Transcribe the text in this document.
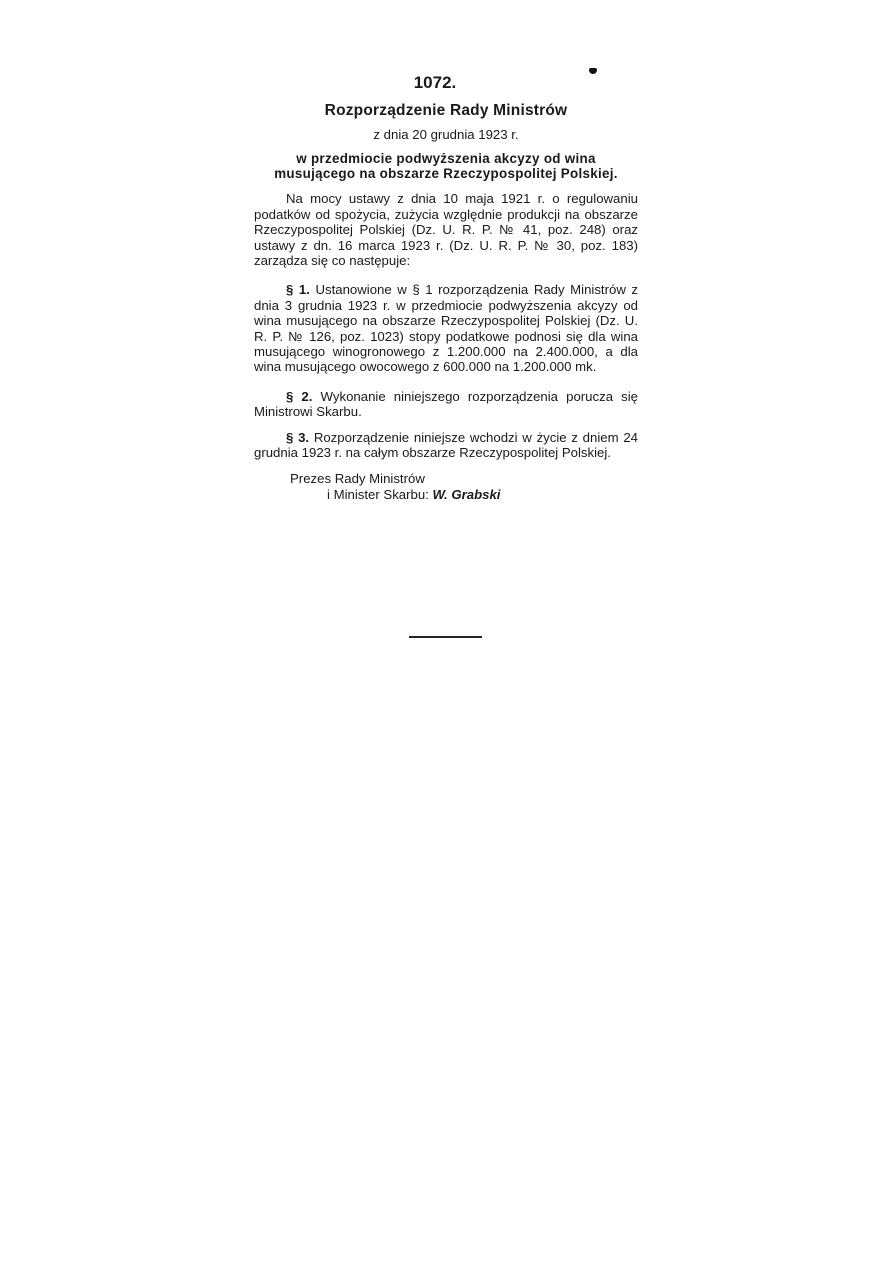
1072.
Rozporządzenie Rady Ministrów
z dnia 20 grudnia 1923 r.
w przedmiocie podwyższenia akcyzy od wina musującego na obszarze Rzeczypospolitej Polskiej.
Na mocy ustawy z dnia 10 maja 1921 r. o regulowaniu podatków od spożycia, zużycia względnie produkcji na obszarze Rzeczypospolitej Polskiej (Dz. U. R. P. № 41, poz. 248) oraz ustawy z dn. 16 marca 1923 r. (Dz. U. R. P. № 30, poz. 183) zarządza się co następuje:
§ 1. Ustanowione w § 1 rozporządzenia Rady Ministrów z dnia 3 grudnia 1923 r. w przedmiocie podwyższenia akcyzy od wina musującego na obszarze Rzeczypospolitej Polskiej (Dz. U. R. P. № 126, poz. 1023) stopy podatkowe podnosi się dla wina musującego winogronowego z 1.200.000 na 2.400.000, a dla wina musującego owocowego z 600.000 na 1.200.000 mk.
§ 2. Wykonanie niniejszego rozporządzenia porucza się Ministrowi Skarbu.
§ 3. Rozporządzenie niniejsze wchodzi w życie z dniem 24 grudnia 1923 r. na całym obszarze Rzeczypospolitej Polskiej.
Prezes Rady Ministrów
i Minister Skarbu: W. Grabski
